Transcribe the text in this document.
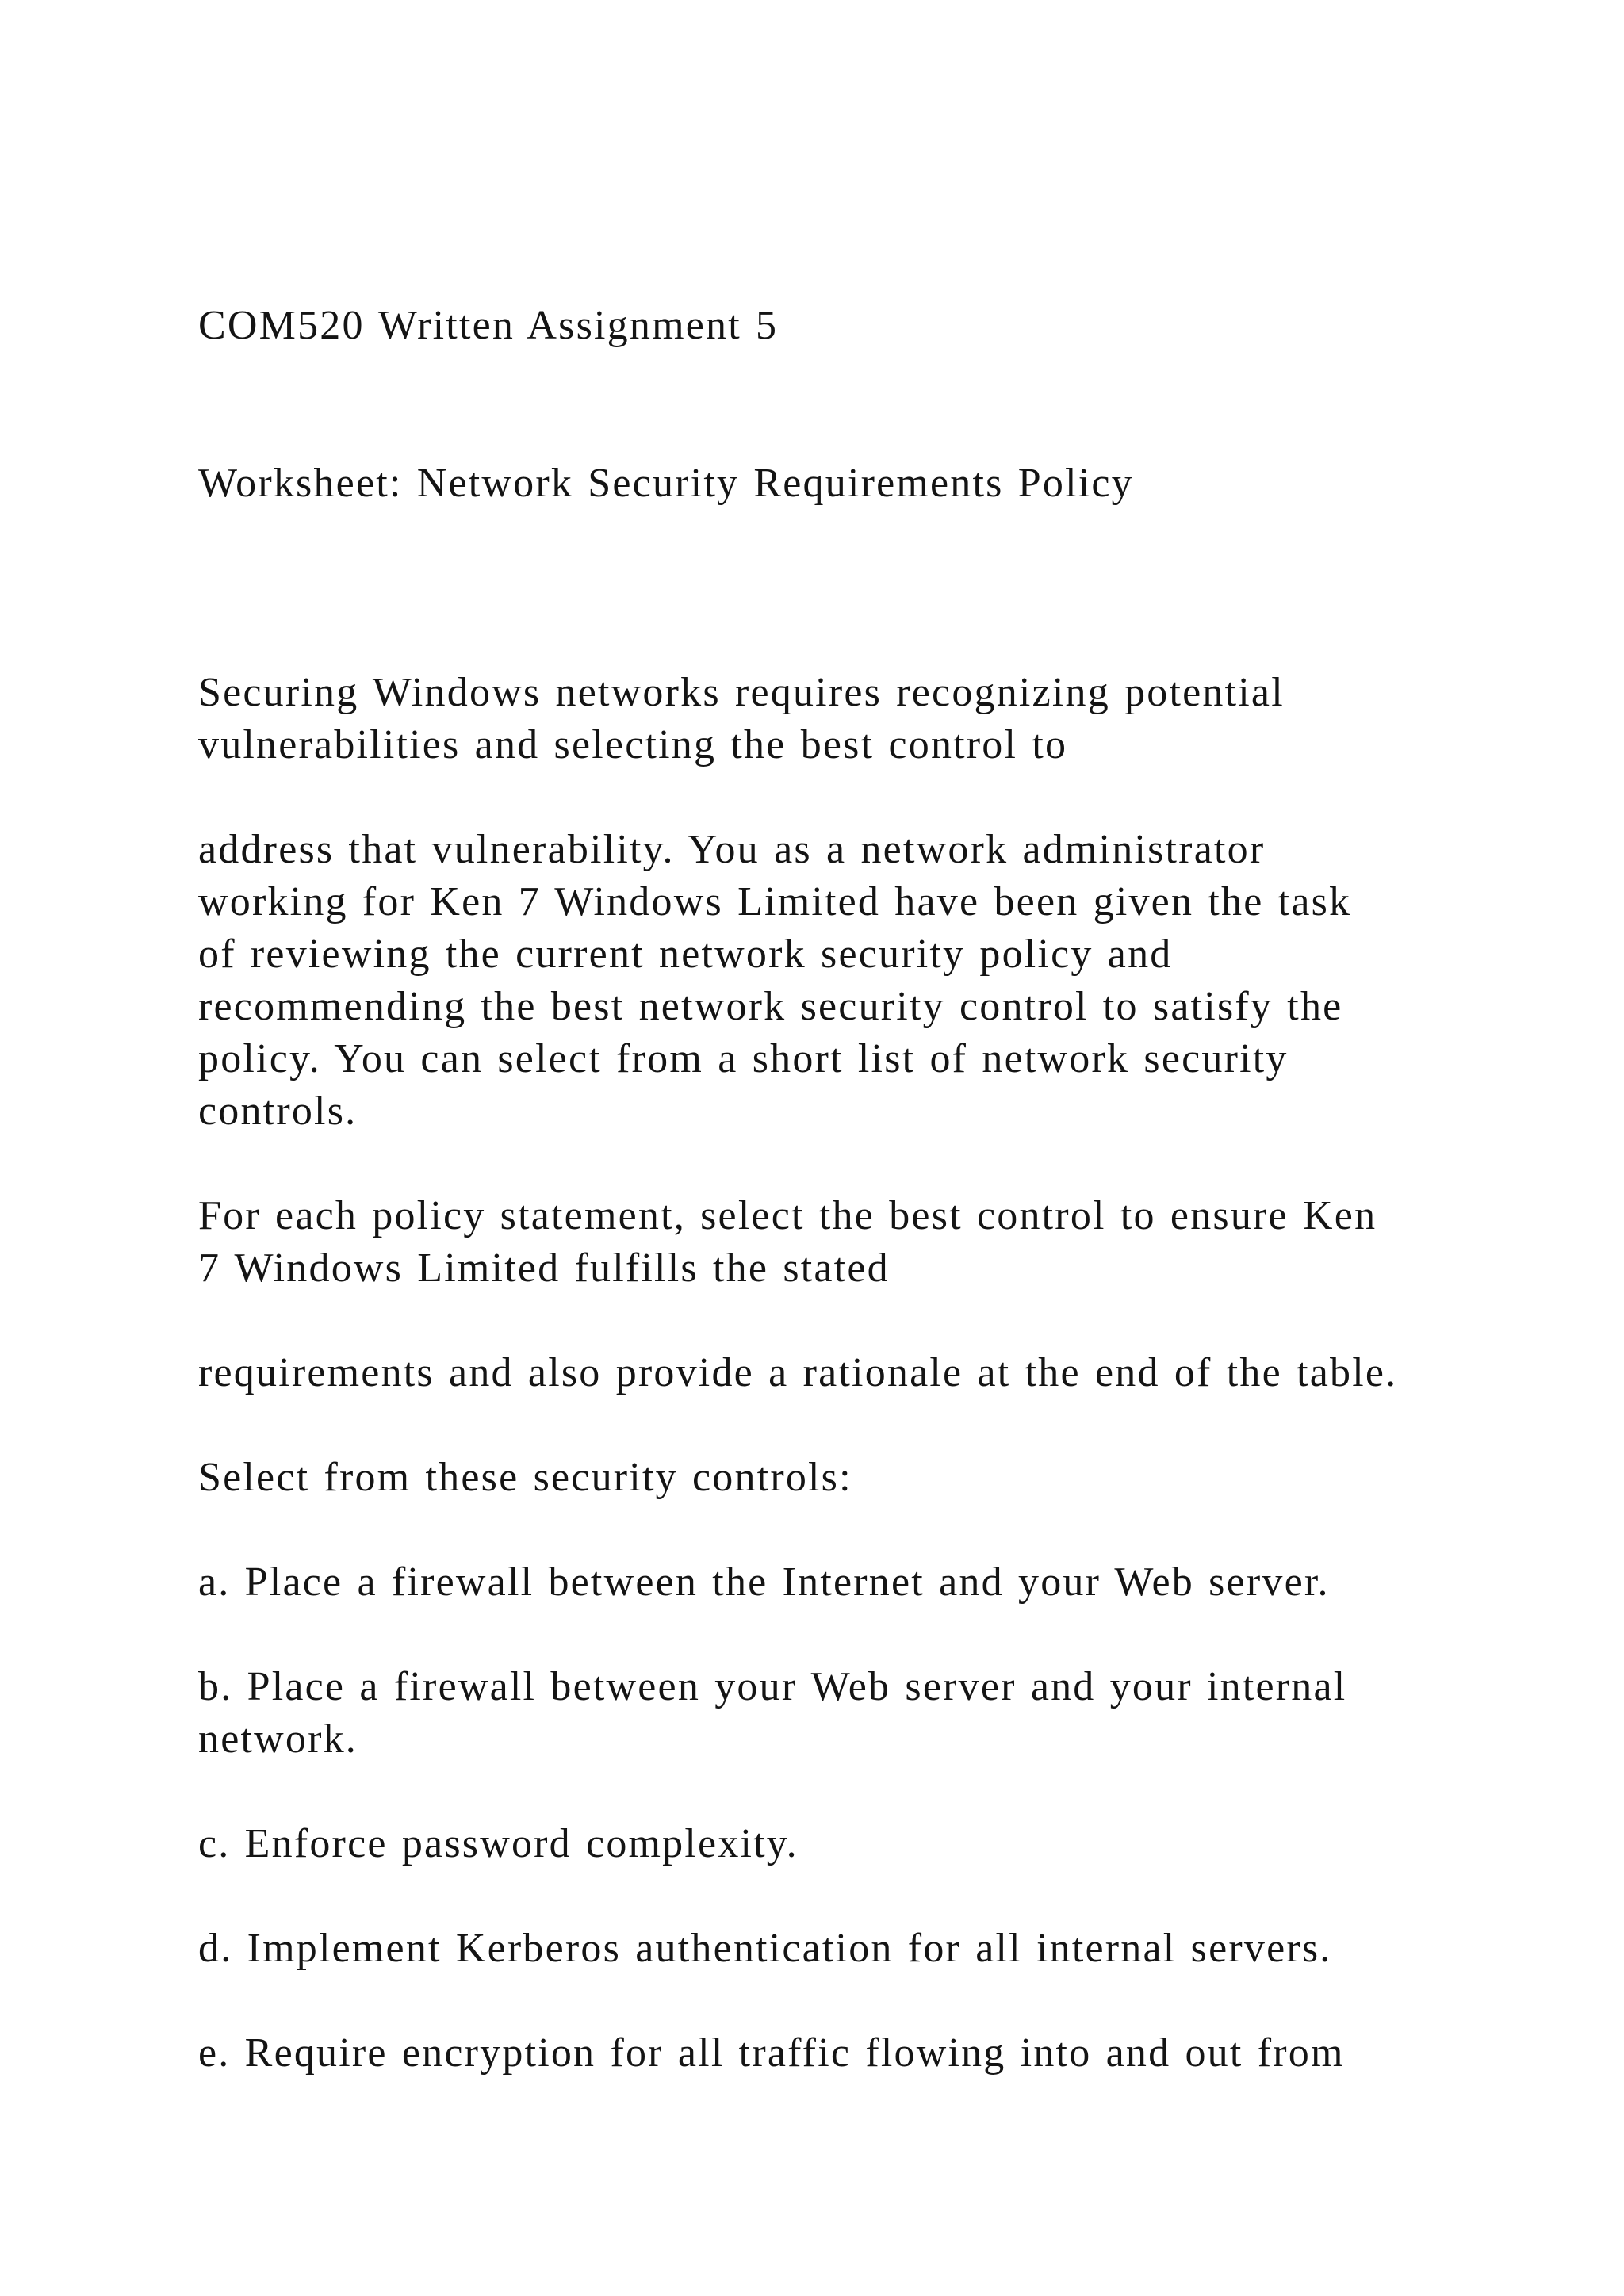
COM520 Written Assignment 5
Worksheet: Network Security Requirements Policy
Securing Windows networks requires recognizing potential
vulnerabilities and selecting the best control to
address that vulnerability. You as a network administrator
working for Ken 7 Windows Limited have been given the task
of reviewing the current network security policy and
recommending the best network security control to satisfy the
policy. You can select from a short list of network security
controls.
For each policy statement, select the best control to ensure Ken
7 Windows Limited fulfills the stated
requirements and also provide a rationale at the end of the table.
Select from these security controls:
a. Place a firewall between the Internet and your Web server.
b. Place a firewall between your Web server and your internal
network.
c. Enforce password complexity.
d. Implement Kerberos authentication for all internal servers.
e. Require encryption for all traffic flowing into and out from
